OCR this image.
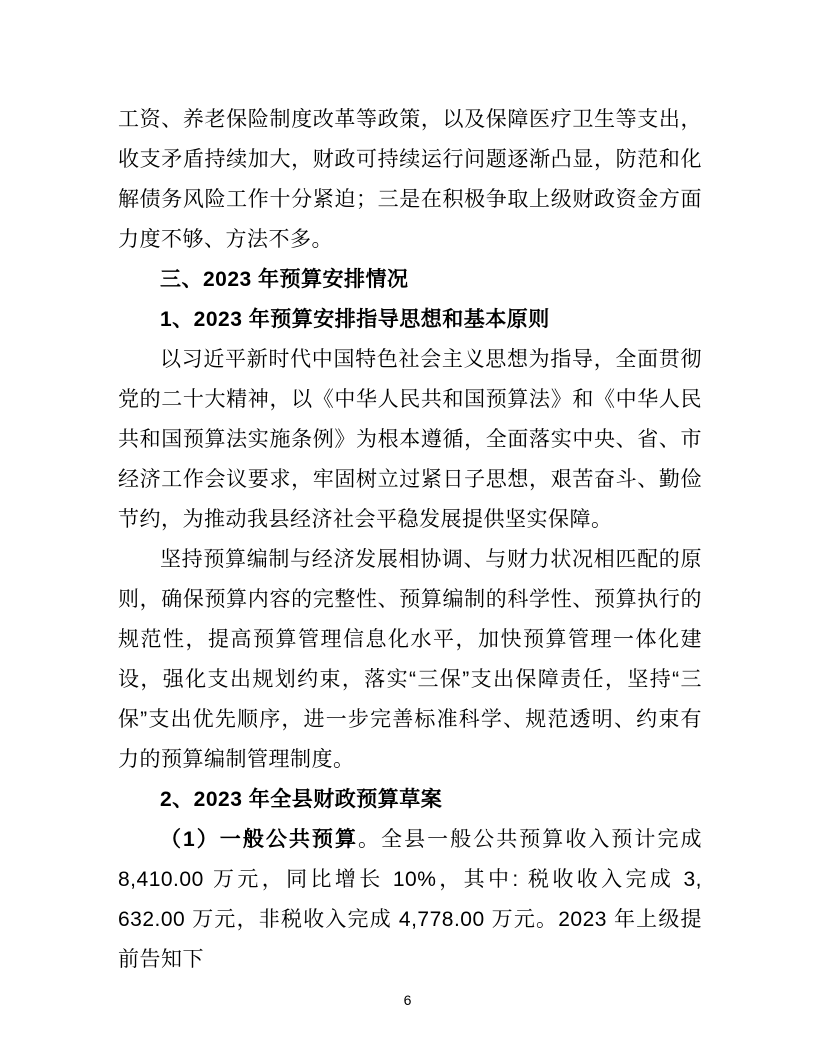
工资、养老保险制度改革等政策，以及保障医疗卫生等支出，收支矛盾持续加大，财政可持续运行问题逐渐凸显，防范和化解债务风险工作十分紧迫；三是在积极争取上级财政资金方面力度不够、方法不多。

三、2023 年预算安排情况

1、2023 年预算安排指导思想和基本原则

以习近平新时代中国特色社会主义思想为指导，全面贯彻党的二十大精神，以《中华人民共和国预算法》和《中华人民共和国预算法实施条例》为根本遵循，全面落实中央、省、市经济工作会议要求，牢固树立过紧日子思想，艰苦奋斗、勤俭节约，为推动我县经济社会平稳发展提供坚实保障。

坚持预算编制与经济发展相协调、与财力状况相匹配的原则，确保预算内容的完整性、预算编制的科学性、预算执行的规范性，提高预算管理信息化水平，加快预算管理一体化建设，强化支出规划约束，落实“三保”支出保障责任，坚持“三保”支出优先顺序，进一步完善标准科学、规范透明、约束有力的预算编制管理制度。

2、2023 年全县财政预算草案

（1）一般公共预算。全县一般公共预算收入预计完成 8,410.00 万元，同比增长 10%，其中: 税收收入完成 3, 632.00 万元，非税收入完成 4,778.00 万元。2023 年上级提前告知下

6
